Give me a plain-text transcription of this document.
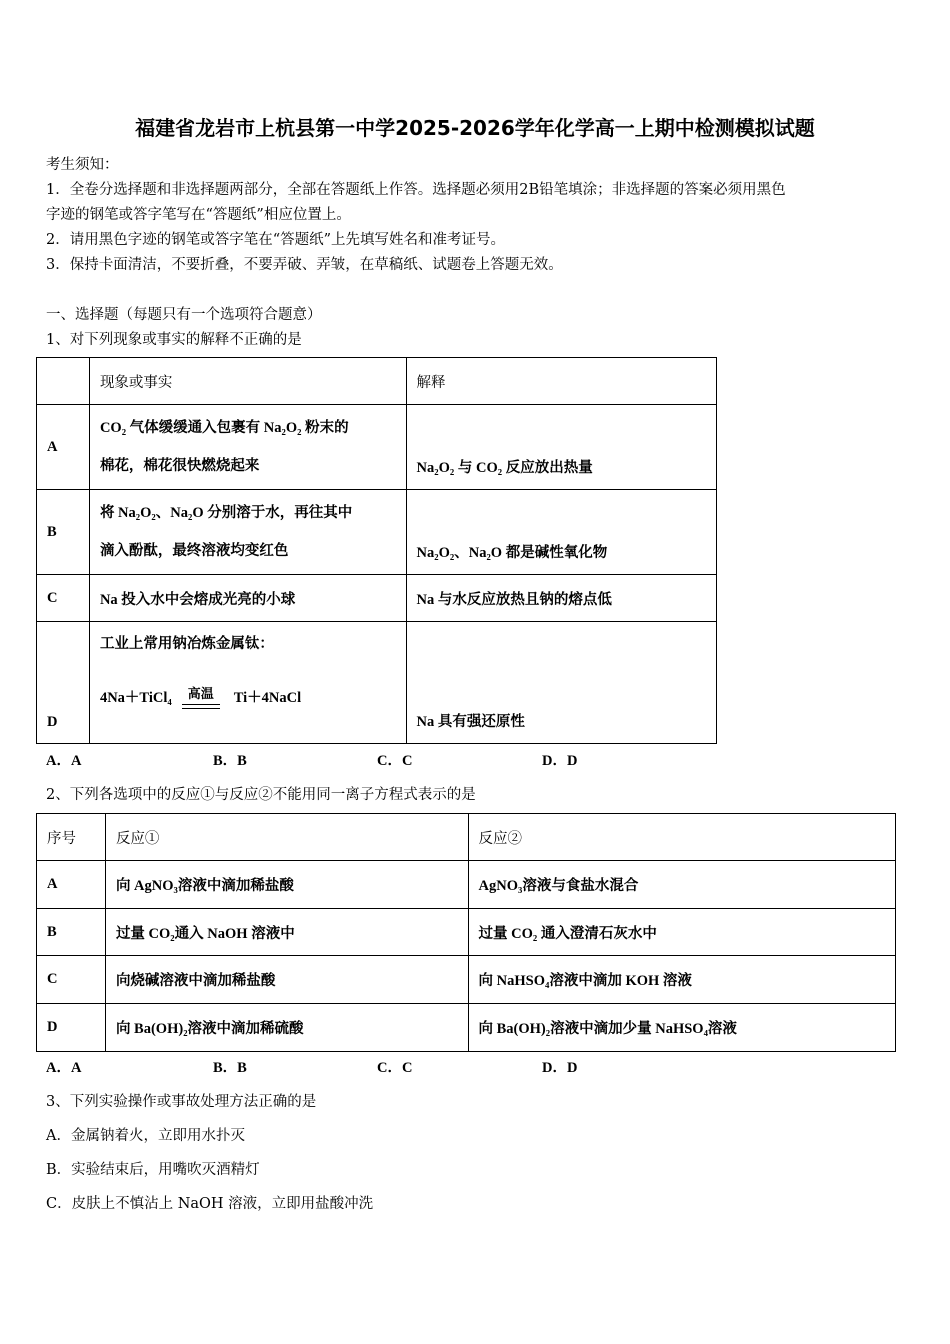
福建省龙岩市上杭县第一中学2025-2026学年化学高一上期中检测模拟试题
考生须知：
1．全卷分选择题和非选择题两部分，全部在答题纸上作答。选择题必须用2B铅笔填涂；非选择题的答案必须用黑色
字迹的钢笔或答字笔写在“答题纸”相应位置上。
2．请用黑色字迹的钢笔或答字笔在“答题纸”上先填写姓名和准考证号。
3．保持卡面清洁，不要折叠，不要弄破、弄皱，在草稿纸、试题卷上答题无效。
一、选择题（每题只有一个选项符合题意）
1、对下列现象或事实的解释不正确的是
	现象或事实	解释
A	CO₂ 气体缓缓通入包裹有 Na₂O₂ 粉末的
棉花，棉花很快燃烧起来	Na₂O₂ 与 CO₂ 反应放出热量
B	将 Na₂O₂、Na₂O 分别溶于水，再往其中
滴入酚酞，最终溶液均变红色	Na₂O₂、Na₂O 都是碱性氧化物
C	Na 投入水中会熔成光亮的小球	Na 与水反应放热且钠的熔点低
D	工业上常用钠冶炼金属钛：
4Na＋TiCl₄ 高温 Ti＋4NaCl	Na 具有强还原性
A．A	B．B	C．C	D．D
2、下列各选项中的反应①与反应②不能用同一离子方程式表示的是
序号	反应①	反应②
A	向 AgNO₃溶液中滴加稀盐酸	AgNO₃溶液与食盐水混合
B	过量 CO₂通入 NaOH 溶液中	过量 CO₂ 通入澄清石灰水中
C	向烧碱溶液中滴加稀盐酸	向 NaHSO₄溶液中滴加 KOH 溶液
D	向 Ba(OH)₂溶液中滴加稀硫酸	向 Ba(OH)₂溶液中滴加少量 NaHSO₄溶液
A．A	B．B	C．C	D．D
3、下列实验操作或事故处理方法正确的是
A．金属钠着火，立即用水扑灭
B．实验结束后，用嘴吹灭酒精灯
C．皮肤上不慎沾上 NaOH 溶液，立即用盐酸冲洗
